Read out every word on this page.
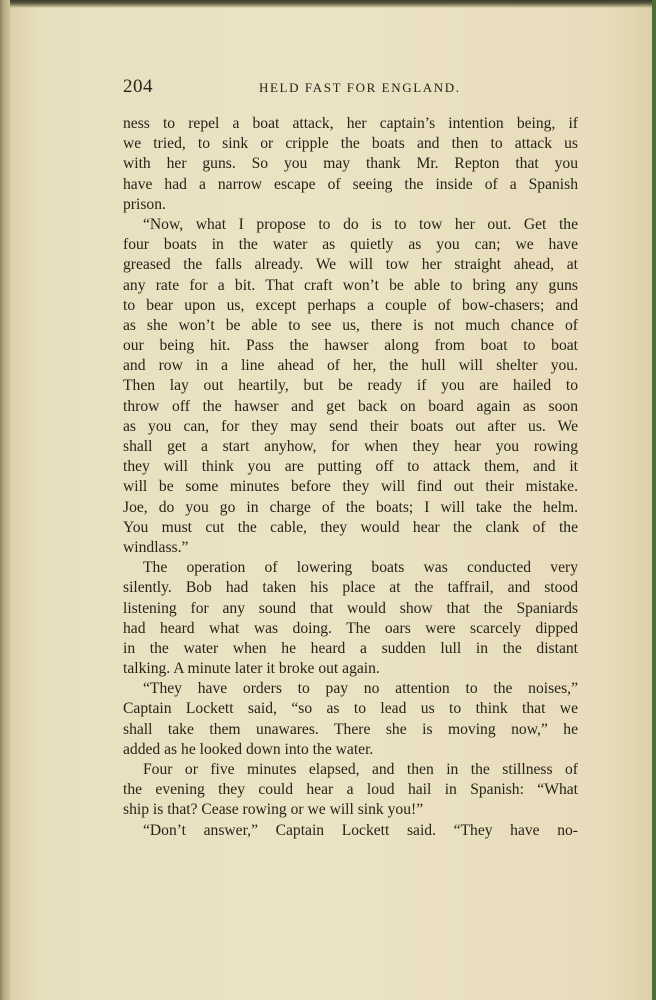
204	HELD FAST FOR ENGLAND.
ness to repel a boat attack, her captain’s intention being, if
we tried, to sink or cripple the boats and then to attack us
with her guns. So you may thank Mr. Repton that you
have had a narrow escape of seeing the inside of a Spanish
prison.
“Now, what I propose to do is to tow her out. Get the
four boats in the water as quietly as you can; we have
greased the falls already. We will tow her straight ahead, at
any rate for a bit. That craft won’t be able to bring any guns
to bear upon us, except perhaps a couple of bow-chasers; and
as she won’t be able to see us, there is not much chance of
our being hit. Pass the hawser along from boat to boat
and row in a line ahead of her, the hull will shelter you.
Then lay out heartily, but be ready if you are hailed to
throw off the hawser and get back on board again as soon
as you can, for they may send their boats out after us. We
shall get a start anyhow, for when they hear you rowing
they will think you are putting off to attack them, and it
will be some minutes before they will find out their mistake.
Joe, do you go in charge of the boats; I will take the helm.
You must cut the cable, they would hear the clank of the
windlass.”
The operation of lowering boats was conducted very
silently. Bob had taken his place at the taffrail, and stood
listening for any sound that would show that the Spaniards
had heard what was doing. The oars were scarcely dipped
in the water when he heard a sudden lull in the distant
talking. A minute later it broke out again.
“They have orders to pay no attention to the noises,”
Captain Lockett said, “so as to lead us to think that we
shall take them unawares. There she is moving now,” he
added as he looked down into the water.
Four or five minutes elapsed, and then in the stillness of
the evening they could hear a loud hail in Spanish: “What
ship is that? Cease rowing or we will sink you!”
“Don’t answer,” Captain Lockett said. “They have no-
